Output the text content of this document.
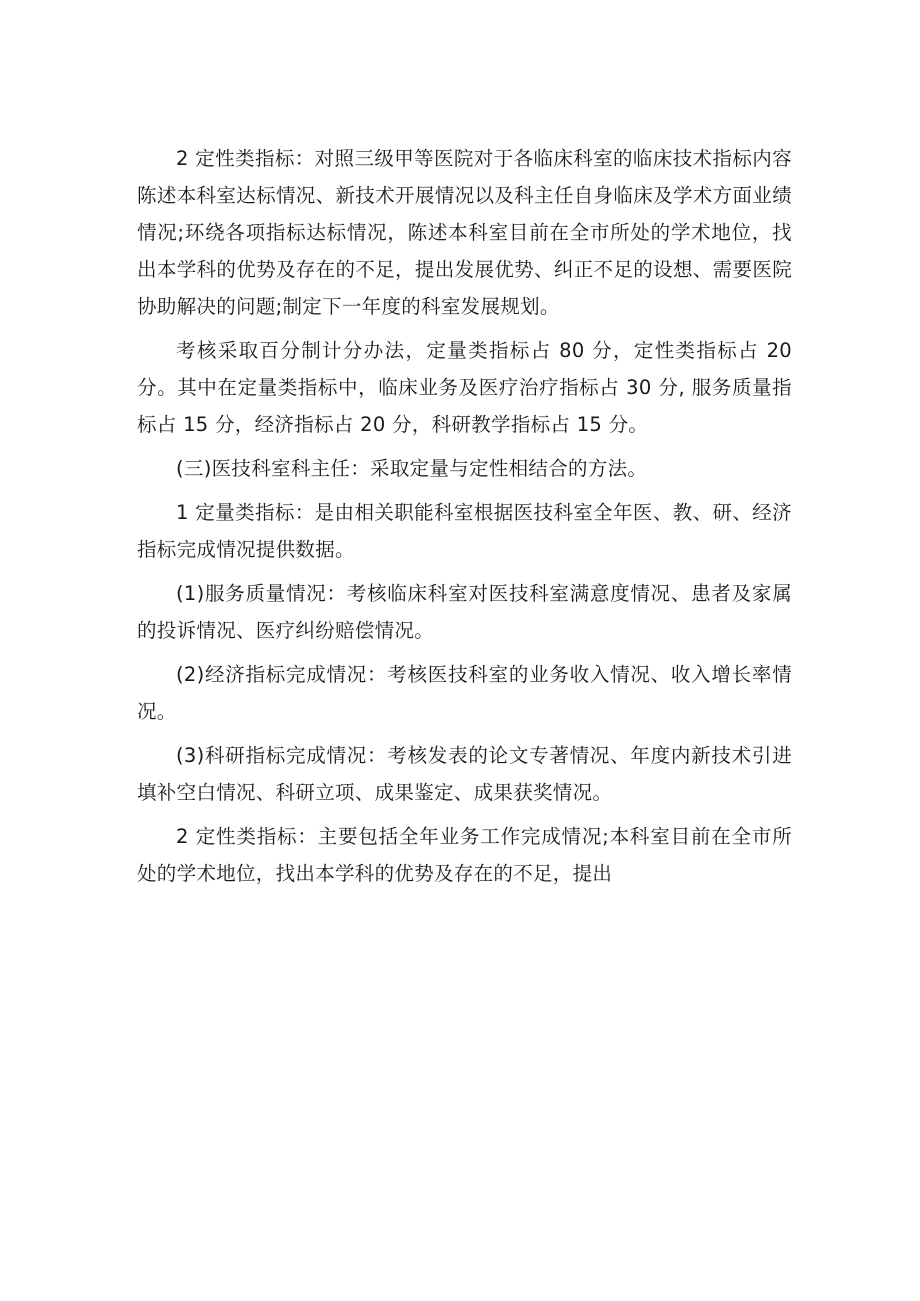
2 定性类指标：对照三级甲等医院对于各临床科室的临床技术指标内容陈述本科室达标情况、新技术开展情况以及科主任自身临床及学术方面业绩情况;环绕各项指标达标情况，陈述本科室目前在全市所处的学术地位，找出本学科的优势及存在的不足，提出发展优势、纠正不足的设想、需要医院协助解决的问题;制定下一年度的科室发展规划。

考核采取百分制计分办法，定量类指标占 80 分，定性类指标占 20 分。其中在定量类指标中，临床业务及医疗治疗指标占 30 分, 服务质量指标占 15 分，经济指标占 20 分，科研教学指标占 15 分。

(三)医技科室科主任：采取定量与定性相结合的方法。

1 定量类指标：是由相关职能科室根据医技科室全年医、教、研、经济指标完成情况提供数据。

(1)服务质量情况：考核临床科室对医技科室满意度情况、患者及家属的投诉情况、医疗纠纷赔偿情况。

(2)经济指标完成情况：考核医技科室的业务收入情况、收入增长率情况。

(3)科研指标完成情况：考核发表的论文专著情况、年度内新技术引进填补空白情况、科研立项、成果鉴定、成果获奖情况。

2 定性类指标：主要包括全年业务工作完成情况;本科室目前在全市所处的学术地位，找出本学科的优势及存在的不足，提出
